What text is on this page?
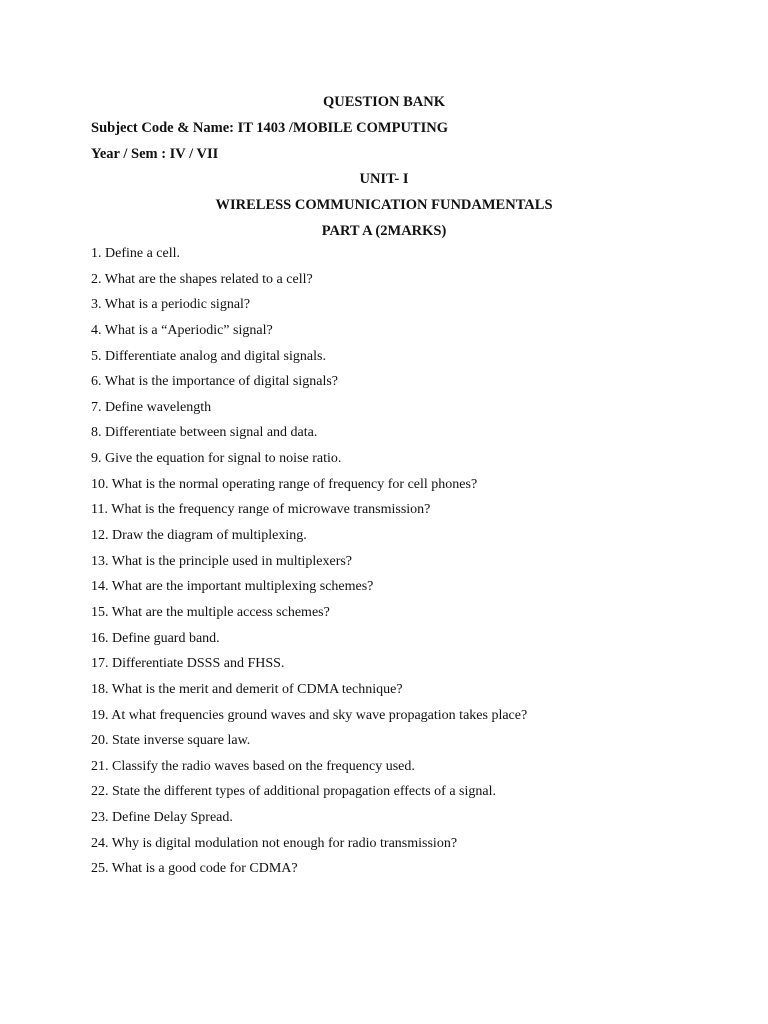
QUESTION BANK
Subject Code & Name: IT 1403 /MOBILE COMPUTING
Year / Sem : IV / VII
UNIT- I
WIRELESS COMMUNICATION FUNDAMENTALS
PART A (2MARKS)
1. Define a cell.
2. What are the shapes related to a cell?
3. What is a periodic signal?
4. What is a “Aperiodic” signal?
5. Differentiate analog and digital signals.
6. What is the importance of digital signals?
7. Define wavelength
8. Differentiate between signal and data.
9. Give the equation for signal to noise ratio.
10. What is the normal operating range of frequency for cell phones?
11. What is the frequency range of microwave transmission?
12. Draw the diagram of multiplexing.
13. What is the principle used in multiplexers?
14. What are the important multiplexing schemes?
15. What are the multiple access schemes?
16. Define guard band.
17. Differentiate DSSS and FHSS.
18. What is the merit and demerit of CDMA technique?
19. At what frequencies ground waves and sky wave propagation takes place?
20. State inverse square law.
21. Classify the radio waves based on the frequency used.
22. State the different types of additional propagation effects of a signal.
23. Define Delay Spread.
24. Why is digital modulation not enough for radio transmission?
25. What is a good code for CDMA?
